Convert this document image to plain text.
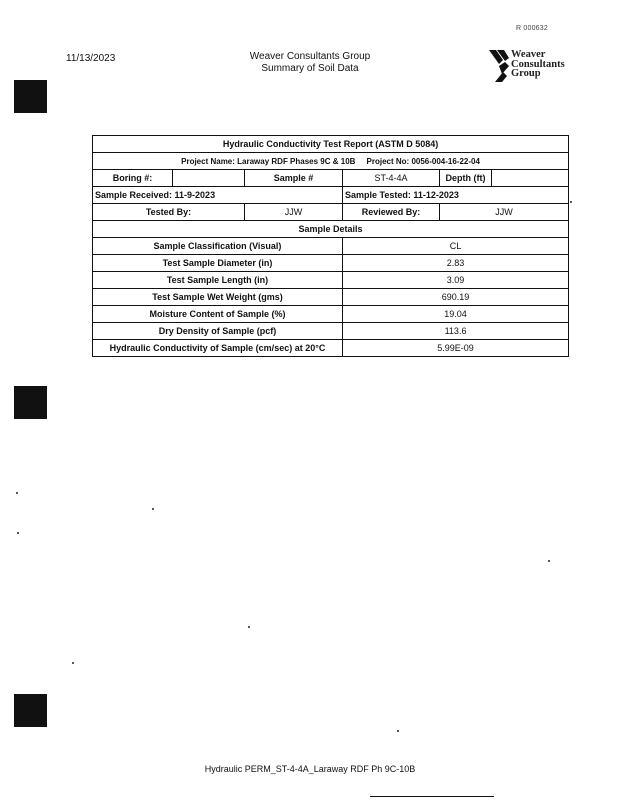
R 000632
11/13/2023	Weaver Consultants Group
Summary of Soil Data
Weaver
Consultants
Group
Hydraulic Conductivity Test Report (ASTM D 5084)					
Project Name: Laraway RDF Phases 9C & 10B Project No: 0056-004-16-22-04					
Boring #:		Sample #	ST-4-4A	Depth (ft)	
Sample Received: 11-9-2023			Sample Tested: 11-12-2023		
Tested By:		JJW	Reviewed By:	JJW	
Sample Details					
Sample Classification (Visual)			CL		
Test Sample Diameter (in)			2.83		
Test Sample Length (in)			3.09		
Test Sample Wet Weight (gms)			690.19		
Moisture Content of Sample (%)			19.04		
Dry Density of Sample (pcf)			113.6		
Hydraulic Conductivity of Sample (cm/sec) at 20°C			5.99E-09		
Hydraulic PERM_ST-4-4A_Laraway RDF Ph 9C-10B
